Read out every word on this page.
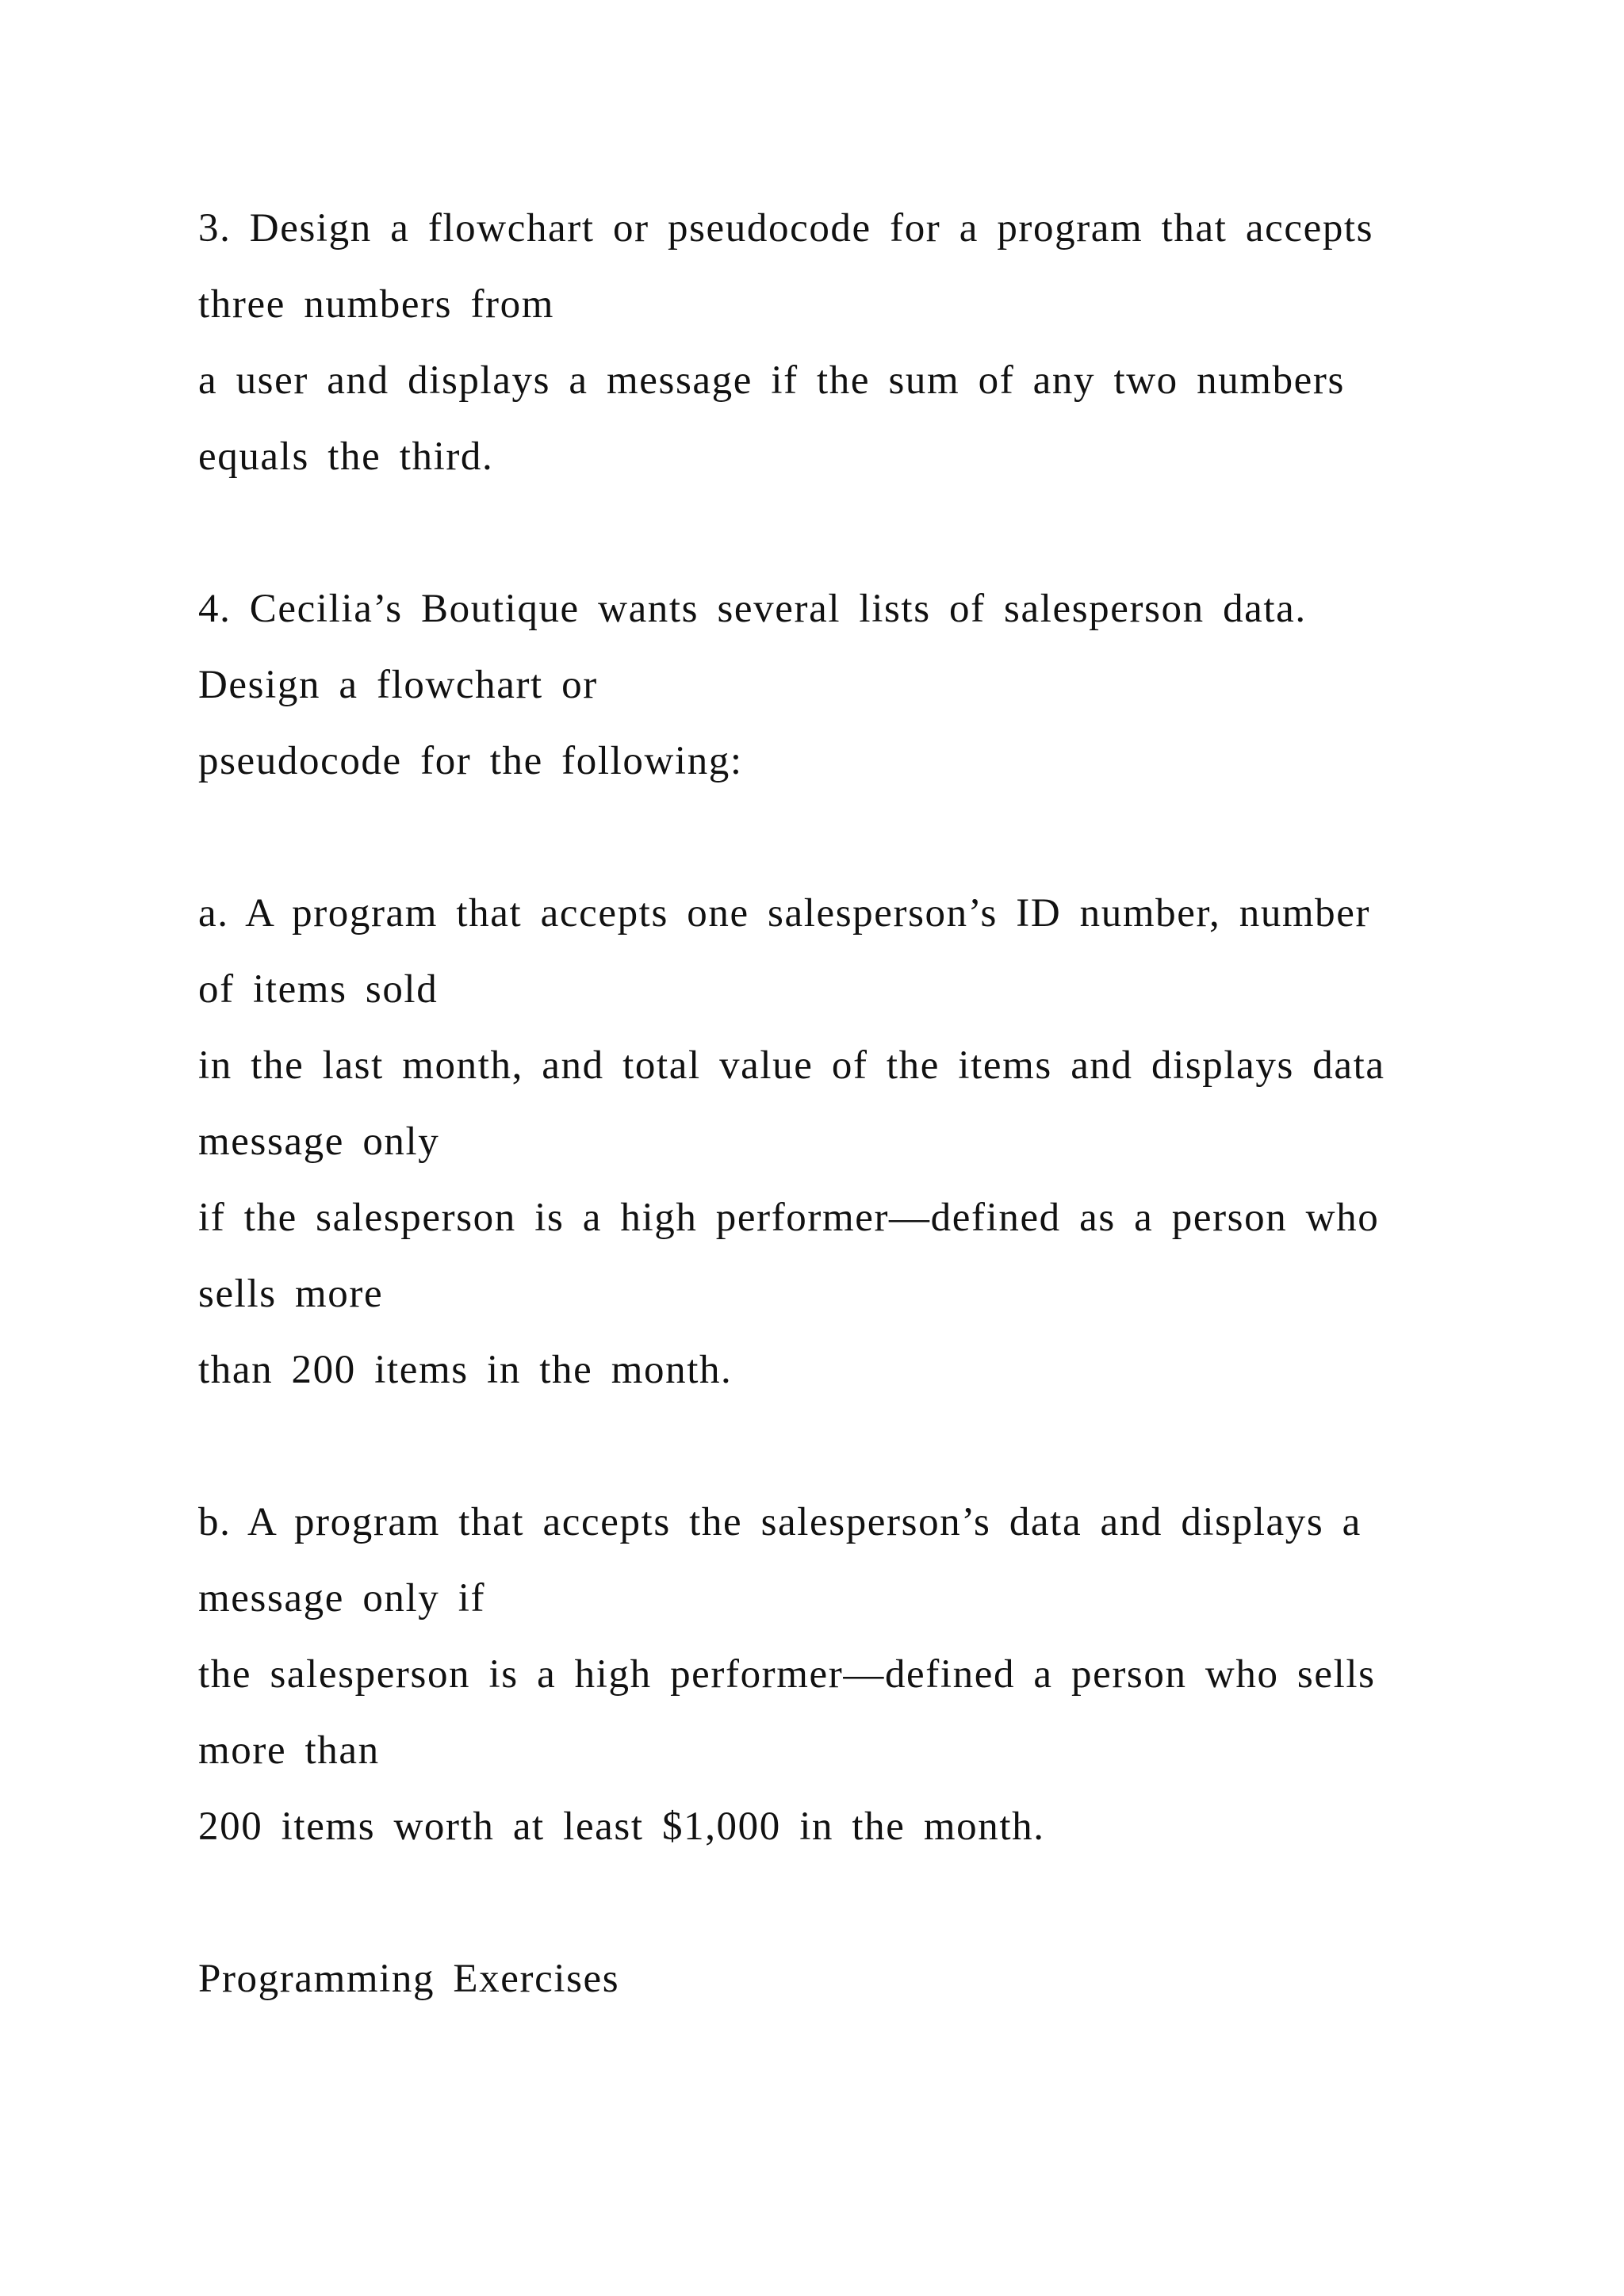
3. Design a flowchart or pseudocode for a program that accepts
three numbers from
a user and displays a message if the sum of any two numbers
equals the third.
4. Cecilia’s Boutique wants several lists of salesperson data.
Design a flowchart or
pseudocode for the following:
a. A program that accepts one salesperson’s ID number, number
of items sold
in the last month, and total value of the items and displays data
message only
if the salesperson is a high performer—defined as a person who
sells more
than 200 items in the month.
b. A program that accepts the salesperson’s data and displays a
message only if
the salesperson is a high performer—defined a person who sells
more than
200 items worth at least $1,000 in the month.
Programming Exercises
